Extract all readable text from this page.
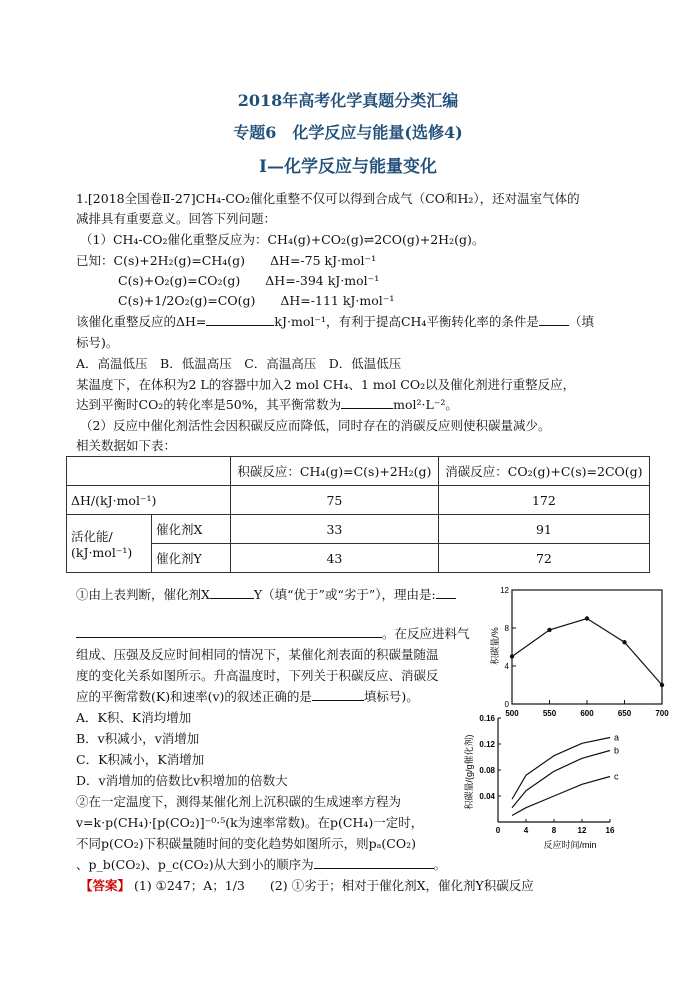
2018年高考化学真题分类汇编
专题6　化学反应与能量(选修4)
Ⅰ—化学反应与能量变化
1.[2018全国卷Ⅱ-27]CH₄-CO₂催化重整不仅可以得到合成气（CO和H₂），还对温室气体的
减排具有重要意义。回答下列问题：
（1）CH₄-CO₂催化重整反应为：CH₄(g)+CO₂(g)⇌2CO(g)+2H₂(g)。
已知：C(s)+2H₂(g)=CH₄(g)　　ΔH=-75 kJ·mol⁻¹
C(s)+O₂(g)=CO₂(g)　　ΔH=-394 kJ·mol⁻¹
C(s)+1/2O₂(g)=CO(g)　　ΔH=-111 kJ·mol⁻¹
该催化重整反应的ΔH=	kJ·mol⁻¹，有利于提高CH₄平衡转化率的条件是 （填
标号)。
A．高温低压　B．低温高压　C．高温高压　D．低温低压
某温度下，在体积为2 L的容器中加入2 mol CH₄、1 mol CO₂以及催化剂进行重整反应，
达到平衡时CO₂的转化率是50%，其平衡常数为	mol²·L⁻²。
（2）反应中催化剂活性会因积碳反应而降低，同时存在的消碳反应则使积碳量减少。
相关数据如下表：
		积碳反应：CH₄(g)=C(s)+2H₂(g)	消碳反应：CO₂(g)+C(s)=2CO(g)
ΔH/(kJ·mol⁻¹)		75	172

活化能/
(kJ·mol⁻¹)	催化剂X	33	91
	催化剂Y	43	72
①由上表判断，催化剂X	Y（填“优于”或“劣于”），理由是:
。在反应进料气
组成、压强及反应时间相同的情况下，某催化剂表面的积碳量随温
度的变化关系如图所示。升高温度时，下列关于积碳反应、消碳反
应的平衡常数(K)和速率(v)的叙述正确的是	填标号)。
A．K积、K消均增加
B．v积减小，v消增加
C．K积减小，K消增加
D．v消增加的倍数比v积增加的倍数大
②在一定温度下，测得某催化剂上沉积碳的生成速率方程为
v=k·p(CH₄)·[p(CO₂)]⁻⁰·⁵(k为速率常数)。在p(CH₄)一定时，
不同p(CO₂)下积碳量随时间的变化趋势如图所示，则pₐ(CO₂)
、p_b(CO₂)、p_c(CO₂)从大到小的顺序为	。
【答案】 (1) ①247；A；1/3　　(2) ①劣于；相对于催化剂X，催化剂Y积碳反应
积碳量/%
0
4
8
12
500	550	600	650	700
积碳量/(g/g催化剂)
反应时间/min
0.04
0.08
0.12
0.16
0	4	8	12 16
a
b
c
